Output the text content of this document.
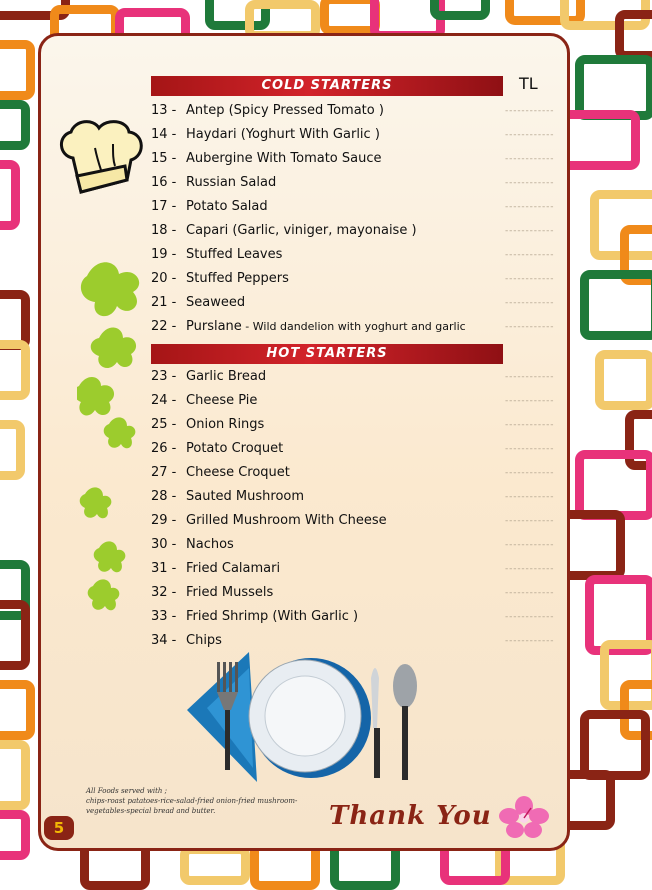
TL
COLD STARTERS
13 - Antep (Spicy Pressed Tomato )	- - - - - - - - - - - -
14 - Haydari (Yoghurt With Garlic )	- - - - - - - - - - - -
15 - Aubergine With Tomato Sauce	- - - - - - - - - - - -
16 - Russian Salad	- - - - - - - - - - - -
17 - Potato Salad	- - - - - - - - - - - -
18 - Capari (Garlic, viniger, mayonaise )	- - - - - - - - - - - -
19 - Stuffed Leaves	- - - - - - - - - - - -
20 - Stuffed Peppers	- - - - - - - - - - - -
21 - Seaweed	- - - - - - - - - - - -
22 - Purslane - Wild dandelion with yoghurt and garlic	- - - - - - - - - - - -
HOT STARTERS
23 - Garlic Bread	- - - - - - - - - - - -
24 - Cheese Pie	- - - - - - - - - - - -
25 - Onion Rings	- - - - - - - - - - - -
26 - Potato Croquet	- - - - - - - - - - - -
27 - Cheese Croquet	- - - - - - - - - - - -
28 - Sauted Mushroom	- - - - - - - - - - - -
29 - Grilled Mushroom With Cheese	- - - - - - - - - - - -
30 - Nachos	- - - - - - - - - - - -
31 - Fried Calamari	- - - - - - - - - - - -
32 - Fried Mussels	- - - - - - - - - - - -
33 - Fried Shrimp (With Garlic )	- - - - - - - - - - - -
34 - Chips	- - - - - - - - - - - -
All Foods served with ;
chips-roast patatoes-rice-salad-fried onion-fried mushroom-
vegetables-special bread and butter.
5	Thank You
